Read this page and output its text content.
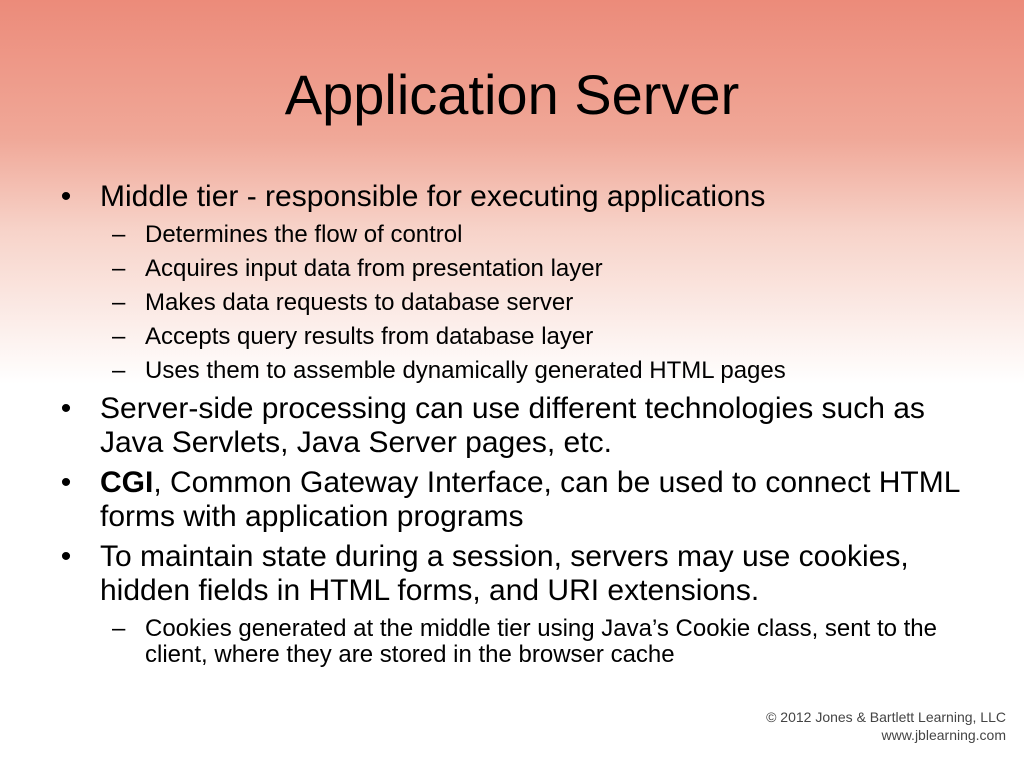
Application Server
• Middle tier - responsible for executing applications
– Determines the flow of control
– Acquires input data from presentation layer
– Makes data requests to database server
– Accepts query results from database layer
– Uses them to assemble dynamically generated HTML pages
• Server-side processing can use different technologies such as Java Servlets, Java Server pages, etc.
• CGI, Common Gateway Interface, can be used to connect HTML forms with application programs
• To maintain state during a session, servers may use cookies, hidden fields in HTML forms, and URI extensions.
– Cookies generated at the middle tier using Java’s Cookie class, sent to the client, where they are stored in the browser cache
© 2012 Jones & Bartlett Learning, LLC
www.jblearning.com
